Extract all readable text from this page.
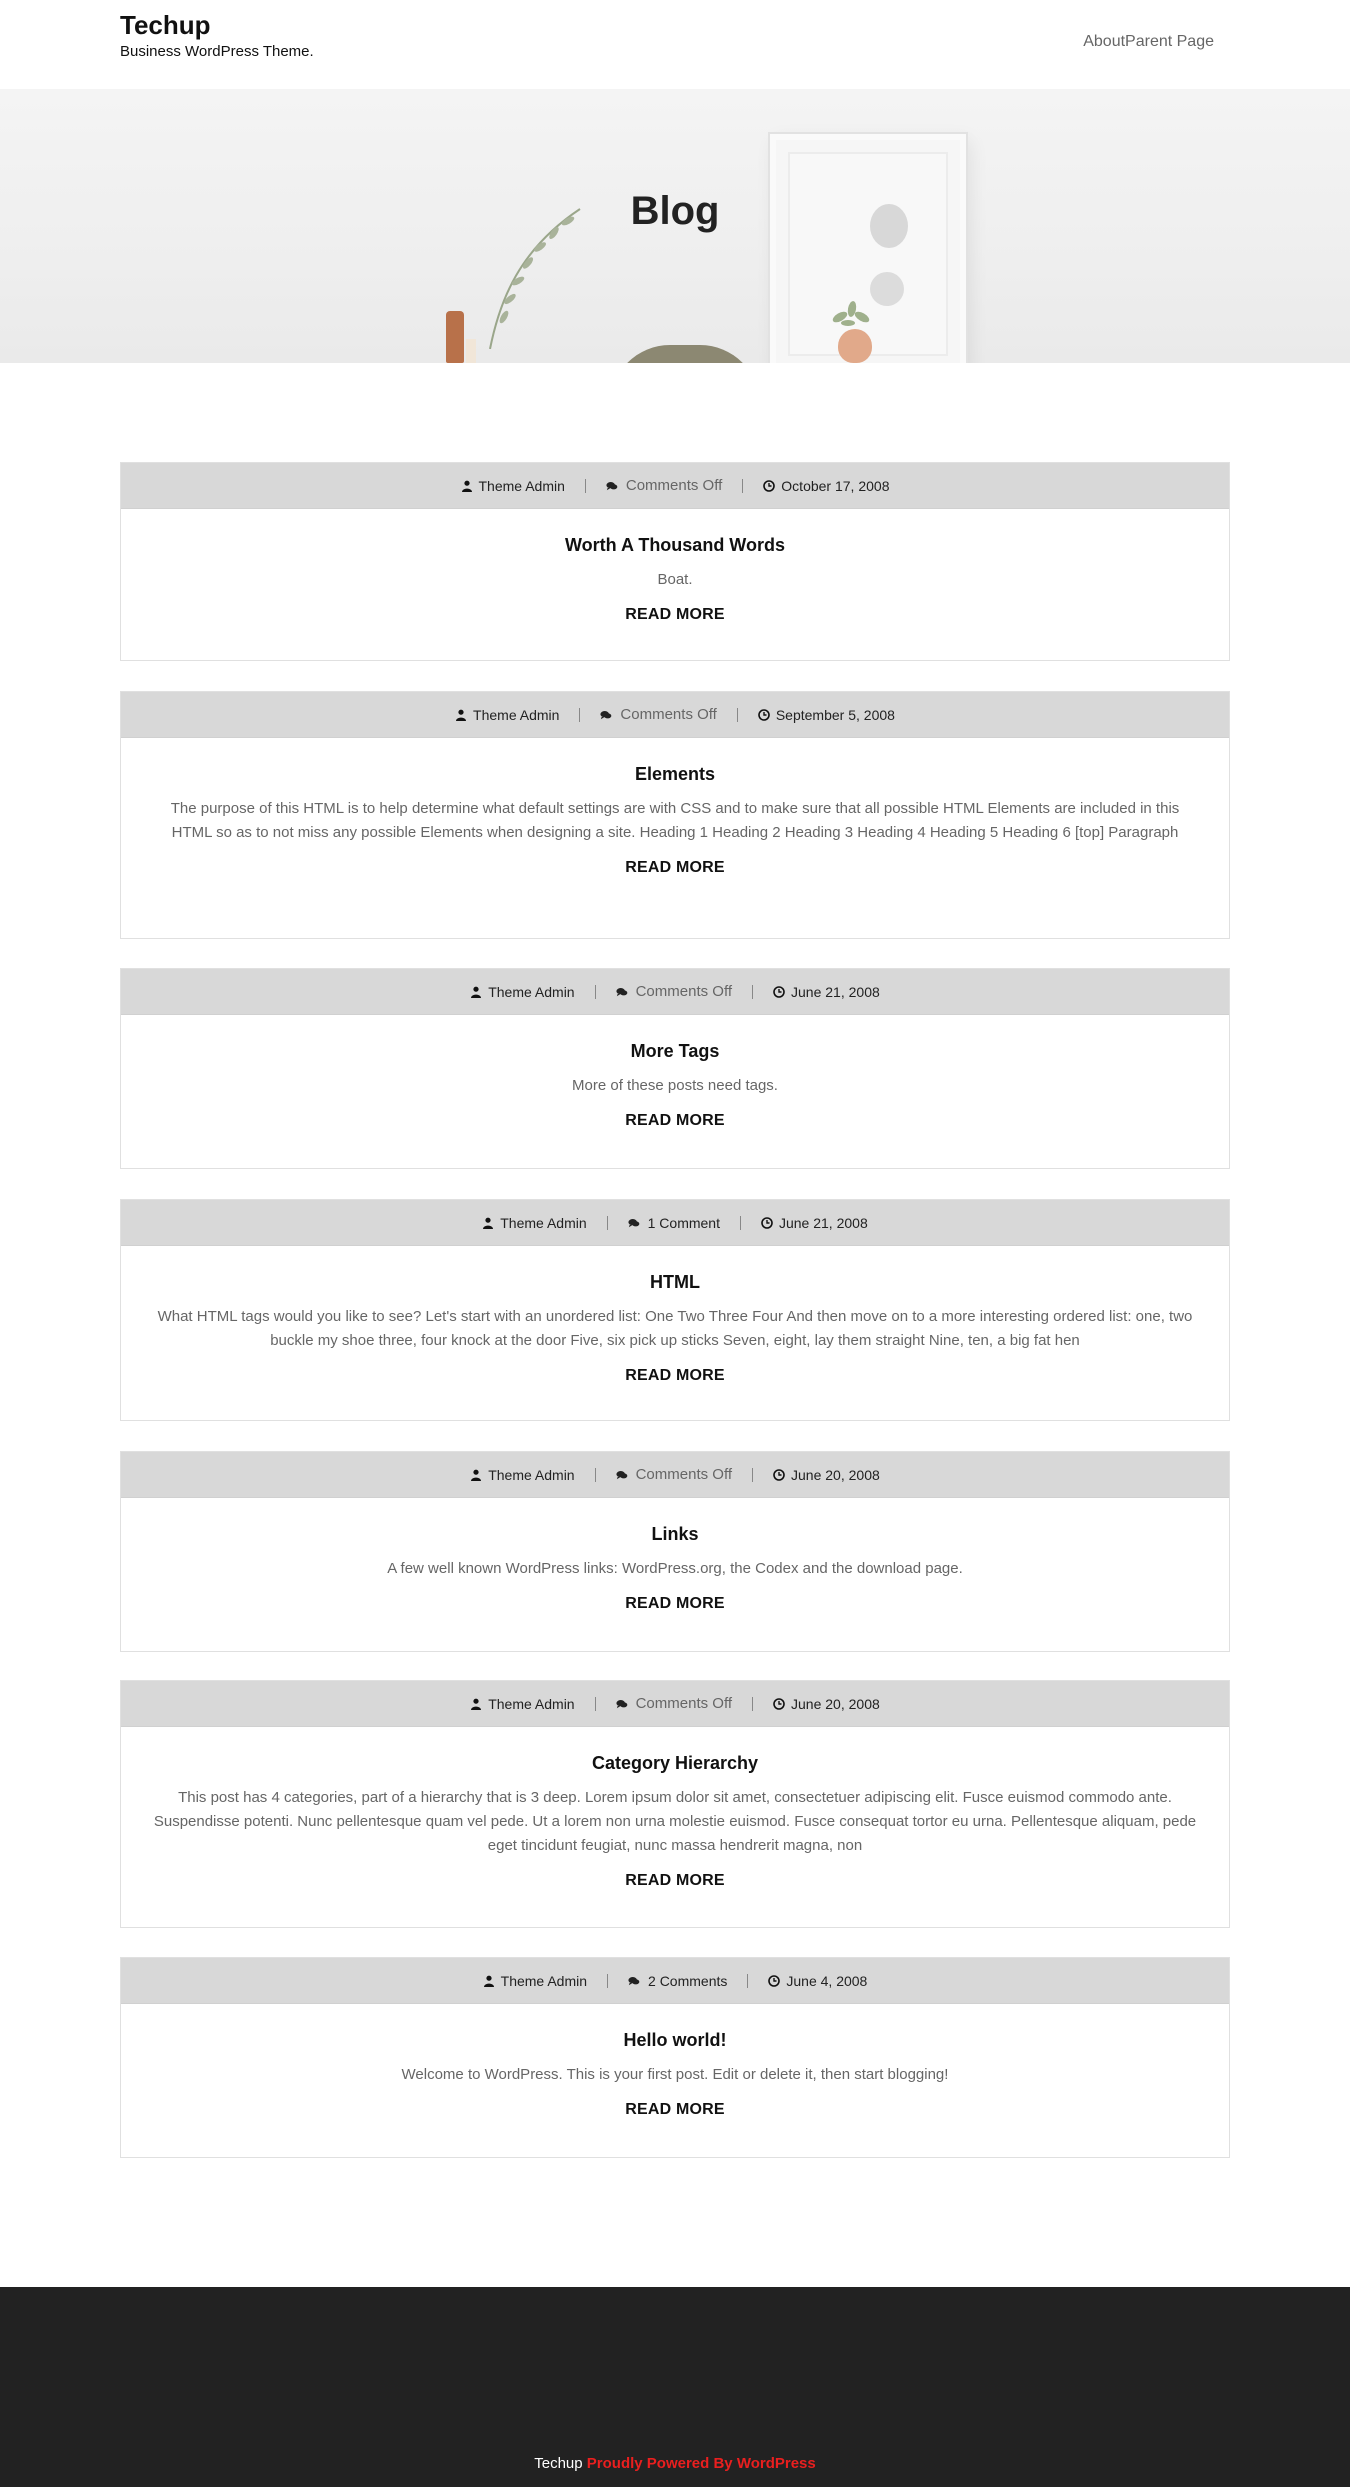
Techup
Business WordPress Theme.
AboutParent Page
Blog
Theme Admin	Comments Off	October 17, 2008
Worth A Thousand Words

Boat.

READ MORE
Theme Admin	Comments Off	September 5, 2008
Elements

The purpose of this HTML is to help determine what default settings are with CSS and to make sure that all possible HTML Elements are included in this HTML so as to not miss any possible Elements when designing a site. Heading 1 Heading 2 Heading 3 Heading 4 Heading 5 Heading 6 [top] Paragraph

READ MORE
Theme Admin	Comments Off	June 21, 2008
More Tags

More of these posts need tags.

READ MORE
Theme Admin	1 Comment	June 21, 2008
HTML

What HTML tags would you like to see? Let's start with an unordered list: One Two Three Four And then move on to a more interesting ordered list: one, two buckle my shoe three, four knock at the door Five, six pick up sticks Seven, eight, lay them straight Nine, ten, a big fat hen

READ MORE
Theme Admin	Comments Off	June 20, 2008
Links

A few well known WordPress links: WordPress.org, the Codex and the download page.

READ MORE
Theme Admin	Comments Off	June 20, 2008
Category Hierarchy

This post has 4 categories, part of a hierarchy that is 3 deep. Lorem ipsum dolor sit amet, consectetuer adipiscing elit. Fusce euismod commodo ante. Suspendisse potenti. Nunc pellentesque quam vel pede. Ut a lorem non urna molestie euismod. Fusce consequat tortor eu urna. Pellentesque aliquam, pede eget tincidunt feugiat, nunc massa hendrerit magna, non

READ MORE
Theme Admin	2 Comments	June 4, 2008
Hello world!

Welcome to WordPress. This is your first post. Edit or delete it, then start blogging!

READ MORE
Techup Proudly Powered By WordPress
